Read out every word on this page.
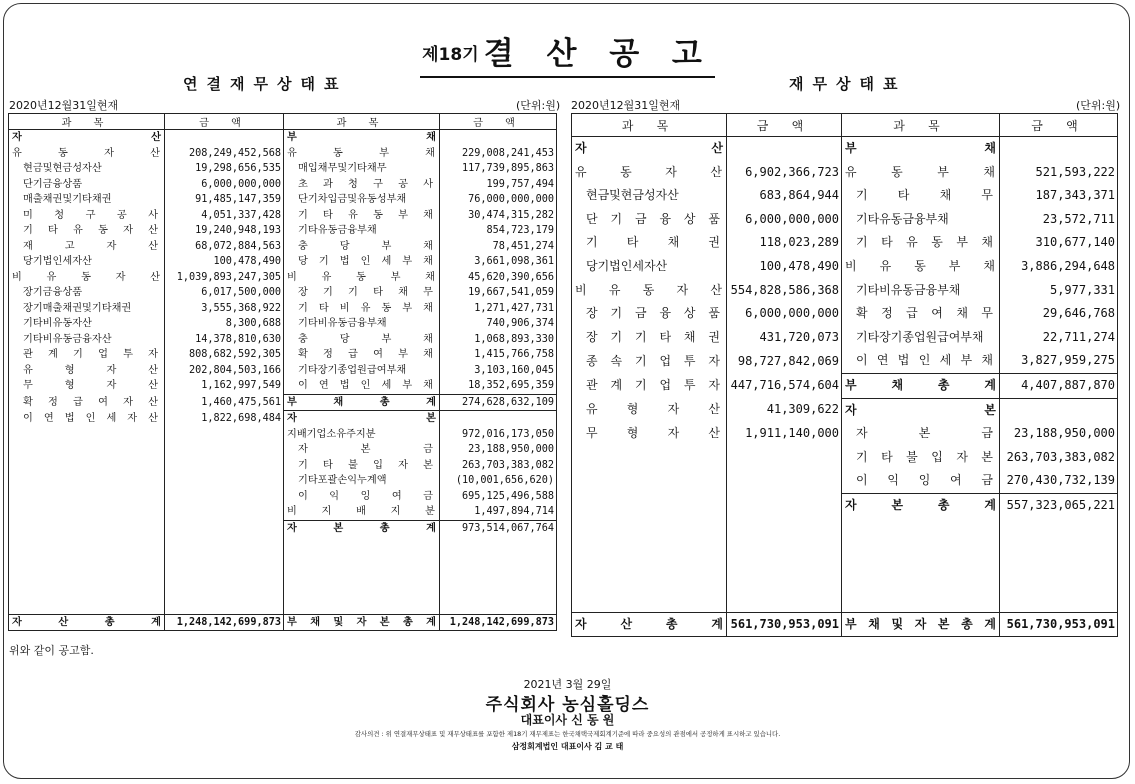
제18기 결 산 공 고
연결재무상태표	재무상태표
2020년12월31일현재	(단위:원) 2020년12월31일현재	(단위:원)
과 목	금 액	과 목	금 액
자 산		부 채	
유 동 자 산	208,249,452,568	유 동 부 채	229,008,241,453
현금및현금성자산	19,298,656,535	매입채무및기타채무	117,739,895,863
단기금융상품	6,000,000,000	초 과 청 구 공 사	199,757,494
매출채권및기타채권	91,485,147,359	단기차입금및유동성부채	76,000,000,000
미 청 구 공 사	4,051,337,428	기 타 유 동 부 채	30,474,315,282
기 타 유 동 자 산	19,240,948,193	기타유동금융부채	854,723,179
재 고 자 산	68,072,884,563	충 당 부 채	78,451,274
당기법인세자산	100,478,490	당 기 법 인 세 부 채	3,661,098,361
비 유 동 자 산	1,039,893,247,305	비 유 동 부 채	45,620,390,656
장기금융상품	6,017,500,000	장 기 기 타 채 무	19,667,541,059
장기매출채권및기타채권	3,555,368,922	기 타 비 유 동 부 채	1,271,427,731
기타비유동자산	8,300,688	기타비유동금융부채	740,906,374
기타비유동금융자산	14,378,810,630	충 당 부 채	1,068,893,330
관 계 기 업 투 자	808,682,592,305	확 정 급 여 부 채	1,415,766,758
유 형 자 산	202,804,503,166	기타장기종업원급여부채	3,103,160,045
무 형 자 산	1,162,997,549	이 연 법 인 세 부 채	18,352,695,359
확 정 급 여 자 산	1,460,475,561	부 채 총 계	274,628,632,109
이 연 법 인 세 자 산	1,822,698,484	자 본	
		지배기업소유주지분	972,016,173,050
		자 본 금	23,188,950,000
		기 타 불 입 자 본	263,703,383,082
		기타포괄손익누계액	(10,001,656,620)
		이 익 잉 여 금	695,125,496,588
		비 지 배 지 분	1,497,894,714
		자 본 총 계	973,514,067,764

자 산 총 계	1,248,142,699,873	부 채 및 자 본 총 계	1,248,142,699,873
과 목	금 액	과 목	금 액
자 산		부 채	
유 동 자 산	6,902,366,723	유 동 부 채	521,593,222
현금및현금성자산	683,864,944	기 타 채 무	187,343,371
단 기 금 융 상 품	6,000,000,000	기타유동금융부채	23,572,711
기 타 채 권	118,023,289	기 타 유 동 부 채	310,677,140
당기법인세자산	100,478,490	비 유 동 부 채	3,886,294,648
비 유 동 자 산	554,828,586,368	기타비유동금융부채	5,977,331
장 기 금 융 상 품	6,000,000,000	확 정 급 여 채 무	29,646,768
장 기 기 타 채 권	431,720,073	기타장기종업원급여부채	22,711,274
종 속 기 업 투 자	98,727,842,069	이 연 법 인 세 부 채	3,827,959,275
관 계 기 업 투 자	447,716,574,604	부 채 총 계	4,407,887,870
유 형 자 산	41,309,622	자 본	
무 형 자 산	1,911,140,000	자 본 금	23,188,950,000
		기 타 불 입 자 본	263,703,383,082
		이 익 잉 여 금	270,430,732,139
		자 본 총 계	557,323,065,221

자 산 총 계	561,730,953,091	부 채 및 자 본 총 계	561,730,953,091
위와 같이 공고함.
2021년 3월 29일
주식회사 농심홀딩스
대표이사 신 동 원
감사의견 : 위 연결재무상태표 및 재무상태표를 포함한 제18기 재무제표는 한국채택국제회계기준에 따라 중요성의 관점에서 공정하게 표시하고 있습니다.
삼정회계법인 대표이사 김 교 태
